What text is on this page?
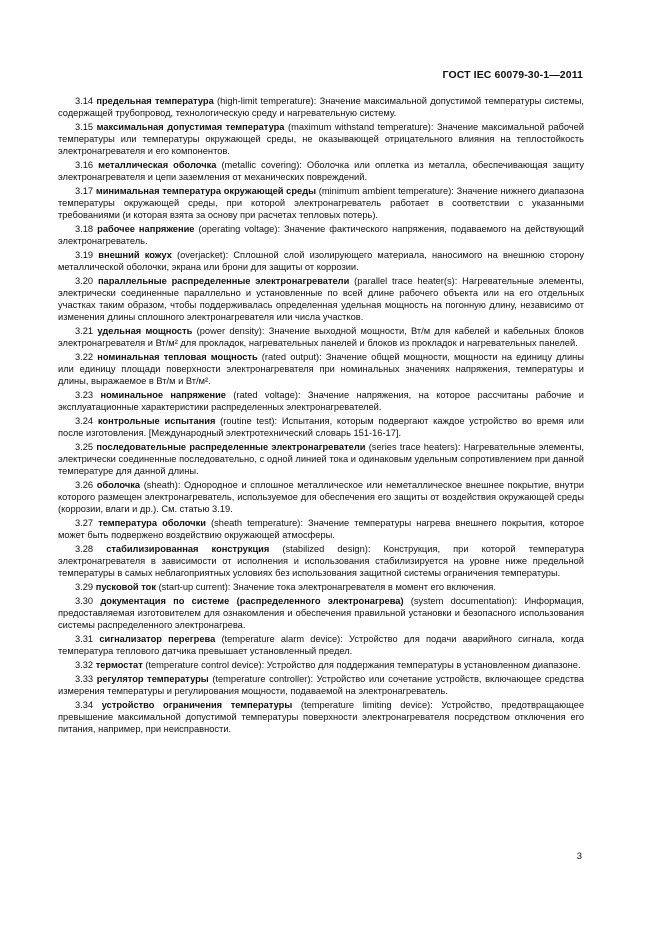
ГОСТ IEC 60079-30-1—2011

3.14 предельная температура (high-limit temperature): Значение максимальной допустимой температуры системы, содержащей трубопровод, технологическую среду и нагревательную систему.

3.15 максимальная допустимая температура (maximum withstand temperature): Значение максимальной рабочей температуры или температуры окружающей среды, не оказывающей отрицательного влияния на теплостойкость электронагревателя и его компонентов.

3.16 металлическая оболочка (metallic covering): Оболочка или оплетка из металла, обеспечивающая защиту электронагревателя и цепи заземления от механических повреждений.

3.17 минимальная температура окружающей среды (minimum ambient temperature): Значение нижнего диапазона температуры окружающей среды, при которой электронагреватель работает в соответствии с указанными требованиями (и которая взята за основу при расчетах тепловых потерь).

3.18 рабочее напряжение (operating voltage): Значение фактического напряжения, подаваемого на действующий электронагреватель.

3.19 внешний кожух (overjacket): Сплошной слой изолирующего материала, наносимого на внешнюю сторону металлической оболочки, экрана или брони для защиты от коррозии.

3.20 параллельные распределенные электронагреватели (parallel trace heater(s): Нагревательные элементы, электрически соединенные параллельно и установленные по всей длине рабочего объекта или на его отдельных участках таким образом, чтобы поддерживалась определенная удельная мощность на погонную длину, независимо от изменения длины сплошного электронагревателя или числа участков.

3.21 удельная мощность (power density): Значение выходной мощности, Вт/м для кабелей и кабельных блоков электронагревателя и Вт/м² для прокладок, нагревательных панелей и блоков из прокладок и нагревательных панелей.

3.22 номинальная тепловая мощность (rated output): Значение общей мощности, мощности на единицу длины или единицу площади поверхности электронагревателя при номинальных значениях напряжения, температуры и длины, выражаемое в Вт/м и Вт/м².

3.23 номинальное напряжение (rated voltage): Значение напряжения, на которое рассчитаны рабочие и эксплуатационные характеристики распределенных электронагревателей.

3.24 контрольные испытания (routine test): Испытания, которым подвергают каждое устройство во время или после изготовления. [Международный электротехнический словарь 151-16-17].

3.25 последовательные распределенные электронагреватели (series trace heaters): Нагревательные элементы, электрически соединенные последовательно, с одной линией тока и одинаковым удельным сопротивлением при данной температуре для данной длины.

3.26 оболочка (sheath): Однородное и сплошное металлическое или неметаллическое внешнее покрытие, внутри которого размещен электронагреватель, используемое для обеспечения его защиты от воздействия окружающей среды (коррозии, влаги и др.). См. статью 3.19.

3.27 температура оболочки (sheath temperature): Значение температуры нагрева внешнего покрытия, которое может быть подвержено воздействию окружающей атмосферы.

3.28 стабилизированная конструкция (stabilized design): Конструкция, при которой температура электронагревателя в зависимости от исполнения и использования стабилизируется на уровне ниже предельной температуры в самых неблагоприятных условиях без использования защитной системы ограничения температуры.

3.29 пусковой ток (start-up current): Значение тока электронагревателя в момент его включения.

3.30 документация по системе (распределенного электронагрева) (system documentation): Информация, предоставляемая изготовителем для ознакомления и обеспечения правильной установки и безопасного использования системы распределенного электронагрева.

3.31 сигнализатор перегрева (temperature alarm device): Устройство для подачи аварийного сигнала, когда температура теплового датчика превышает установленный предел.

3.32 термостат (temperature control device): Устройство для поддержания температуры в установленном диапазоне.

3.33 регулятор температуры (temperature controller): Устройство или сочетание устройств, включающее средства измерения температуры и регулирования мощности, подаваемой на электронагреватель.

3.34 устройство ограничения температуры (temperature limiting device): Устройство, предотвращающее превышение максимальной допустимой температуры поверхности электронагревателя посредством отключения его питания, например, при неисправности.

3
